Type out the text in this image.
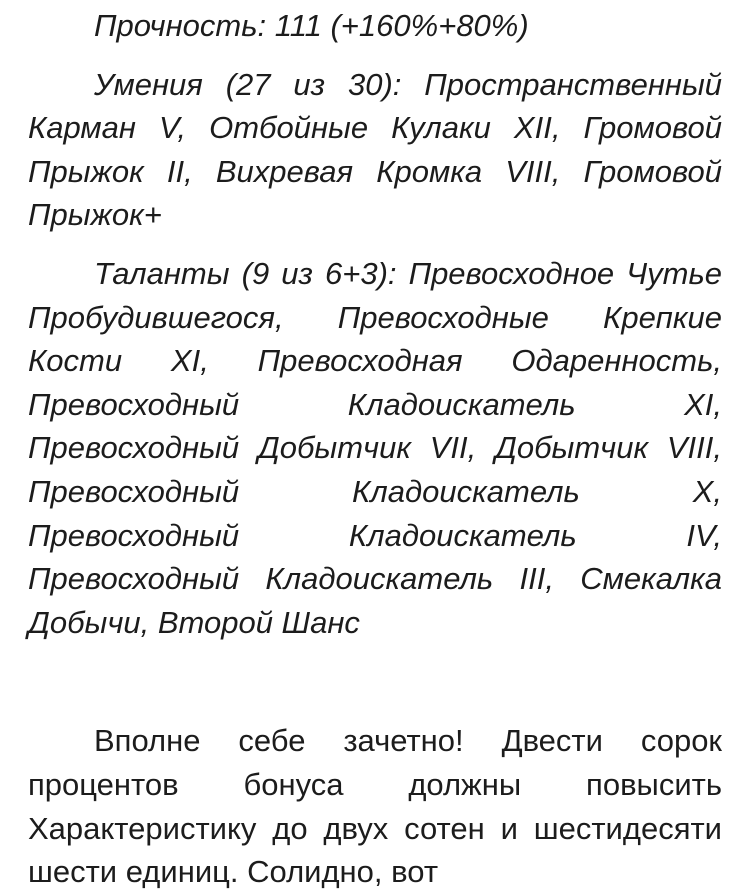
Прочность: 111 (+160%+80%)

Умения (27 из 30): Пространственный Карман V, Отбойные Кулаки XII, Громовой Прыжок II, Вихревая Кромка VIII, Громовой Прыжок+

Таланты (9 из 6+3): Превосходное Чутье Пробудившегося, Превосходные Крепкие Кости XI, Превосходная Одаренность, Превосходный Кладоискатель XI, Превосходный Добытчик VII, Добытчик VIII, Превосходный Кладоискатель X, Превосходный Кладоискатель IV, Превосходный Кладоискатель III, Смекалка Добычи, Второй Шанс

Вполне себе зачетно! Двести сорок процентов бонуса должны повысить Характеристику до двух сотен и шестидесяти шести единиц. Солидно, вот
